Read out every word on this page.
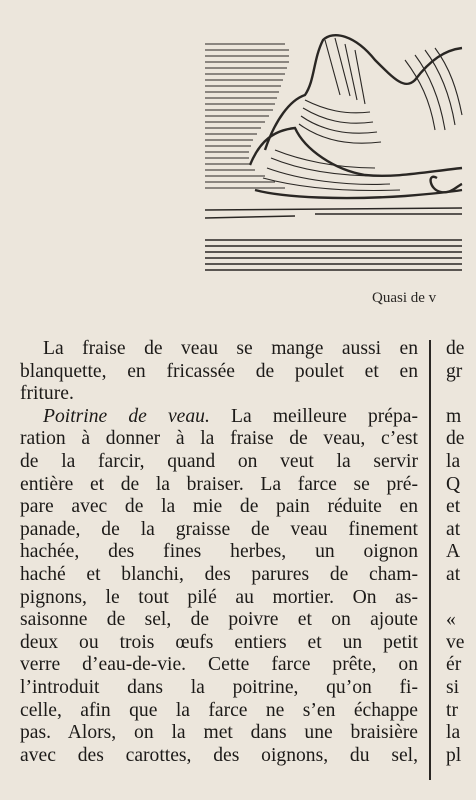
Quasi de v
La fraise de veau se mange aussi en
blanquette, en fricassée de poulet et en
friture.
Poitrine de veau. La meilleure prépa-
ration à donner à la fraise de veau, c’est
de la farcir, quand on veut la servir
entière et de la braiser. La farce se pré-
pare avec de la mie de pain réduite en
panade, de la graisse de veau finement
hachée, des fines herbes, un oignon
haché et blanchi, des parures de cham-
pignons, le tout pilé au mortier. On as-
saisonne de sel, de poivre et on ajoute
deux ou trois œufs entiers et un petit
verre d’eau-de-vie. Cette farce prête, on
l’introduit dans la poitrine, qu’on fi-
celle, afin que la farce ne s’en échappe
pas. Alors, on la met dans une braisière
avec des carottes, des oignons, du sel,
de
gr
m
de
la
Q
et
at
A
at
«
ve
ér
si
tr
la
pl
